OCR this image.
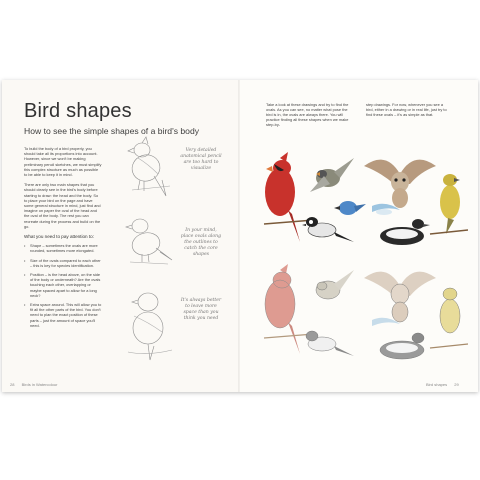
Bird shapes
How to see the simple shapes of a bird's body

To build the body of a bird properly, you should take all its proportions into account. However, since we won't be making preliminary pencil sketches, we must simplify this complex structure as much as possible to be able to keep it in mind.

There are only two main shapes that you should clearly see in the bird's body before starting to draw: the head and the body. So to place your bird on the page and have some general structure in mind, just find and imagine on paper the oval of the head and the oval of the body. The rest you can recreate during the process and build on the go.

What you need to pay attention to:
• Shape – sometimes the ovals are more rounded, sometimes more elongated.
• Size of the ovals compared to each other – this is key for species identification.
• Position – is the head above, on the side of the body or underneath? Are the ovals touching each other, overlapping or maybe spaced apart to allow for a long neck?
• Extra space around. This will allow you to fit all the other parts of the bird. You don't need to plan the exact position of these parts – just the amount of space you'll need.
Very detailed anatomical pencil are too hard to visualize
In your mind, place ovals along the outlines to catch the core shapes
It's always better to leave more space than you think you need
28 Birds in Watercolour
Take a look at these drawings and try to find the ovals. As you can see, no matter what pose the bird is in, the ovals are always there. You will practice finding all these shapes when we make step-by-
step drawings. For now, whenever you see a bird, either in a drawing or in real life, just try to find these ovals – it's as simple as that.
Bird shapes 29
